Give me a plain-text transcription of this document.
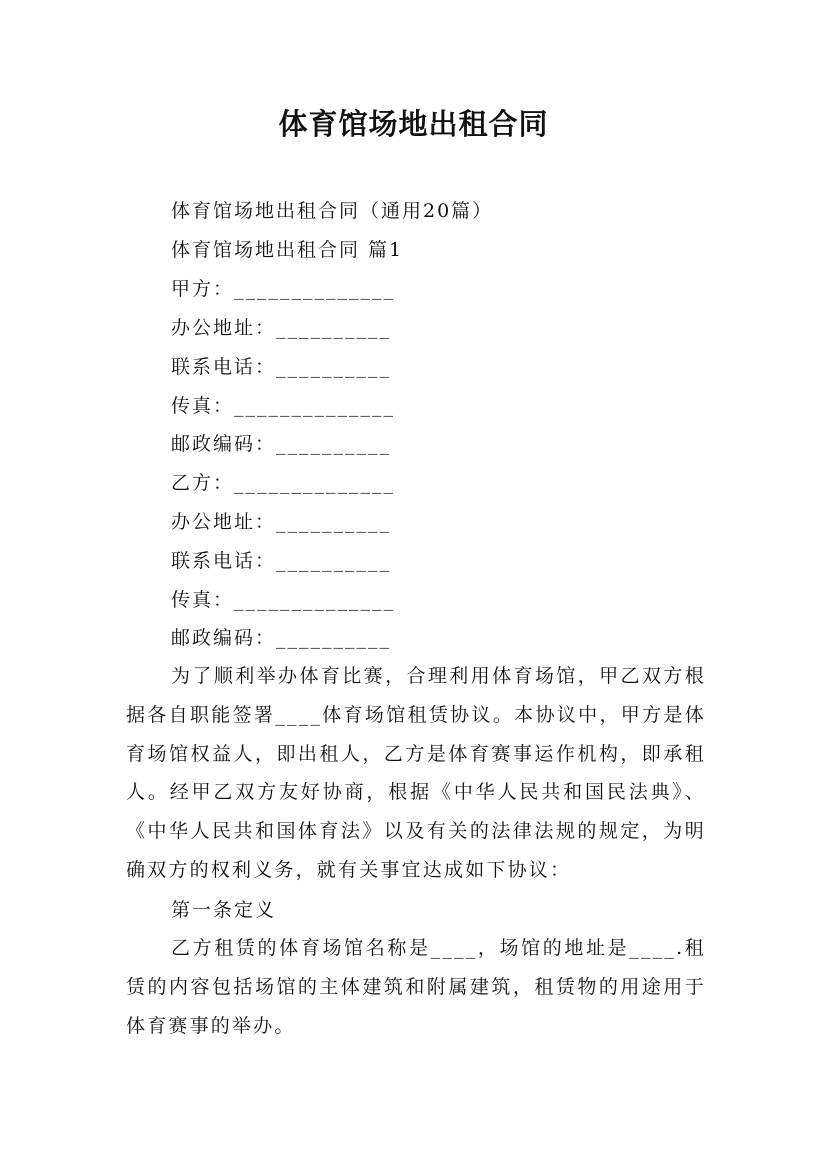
体育馆场地出租合同
体育馆场地出租合同（通用20篇）
体育馆场地出租合同 篇1
甲方：______________
办公地址：__________
联系电话：__________
传真：______________
邮政编码：__________
乙方：______________
办公地址：__________
联系电话：__________
传真：______________
邮政编码：__________

为了顺利举办体育比赛，合理利用体育场馆，甲乙双方根据各自职能签署____体育场馆租赁协议。本协议中，甲方是体育场馆权益人，即出租人，乙方是体育赛事运作机构，即承租人。经甲乙双方友好协商，根据《中华人民共和国民法典》、《中华人民共和国体育法》以及有关的法律法规的规定，为明确双方的权利义务，就有关事宜达成如下协议：

第一条定义

乙方租赁的体育场馆名称是____，场馆的地址是____.租赁的内容包括场馆的主体建筑和附属建筑，租赁物的用途用于体育赛事的举办。
